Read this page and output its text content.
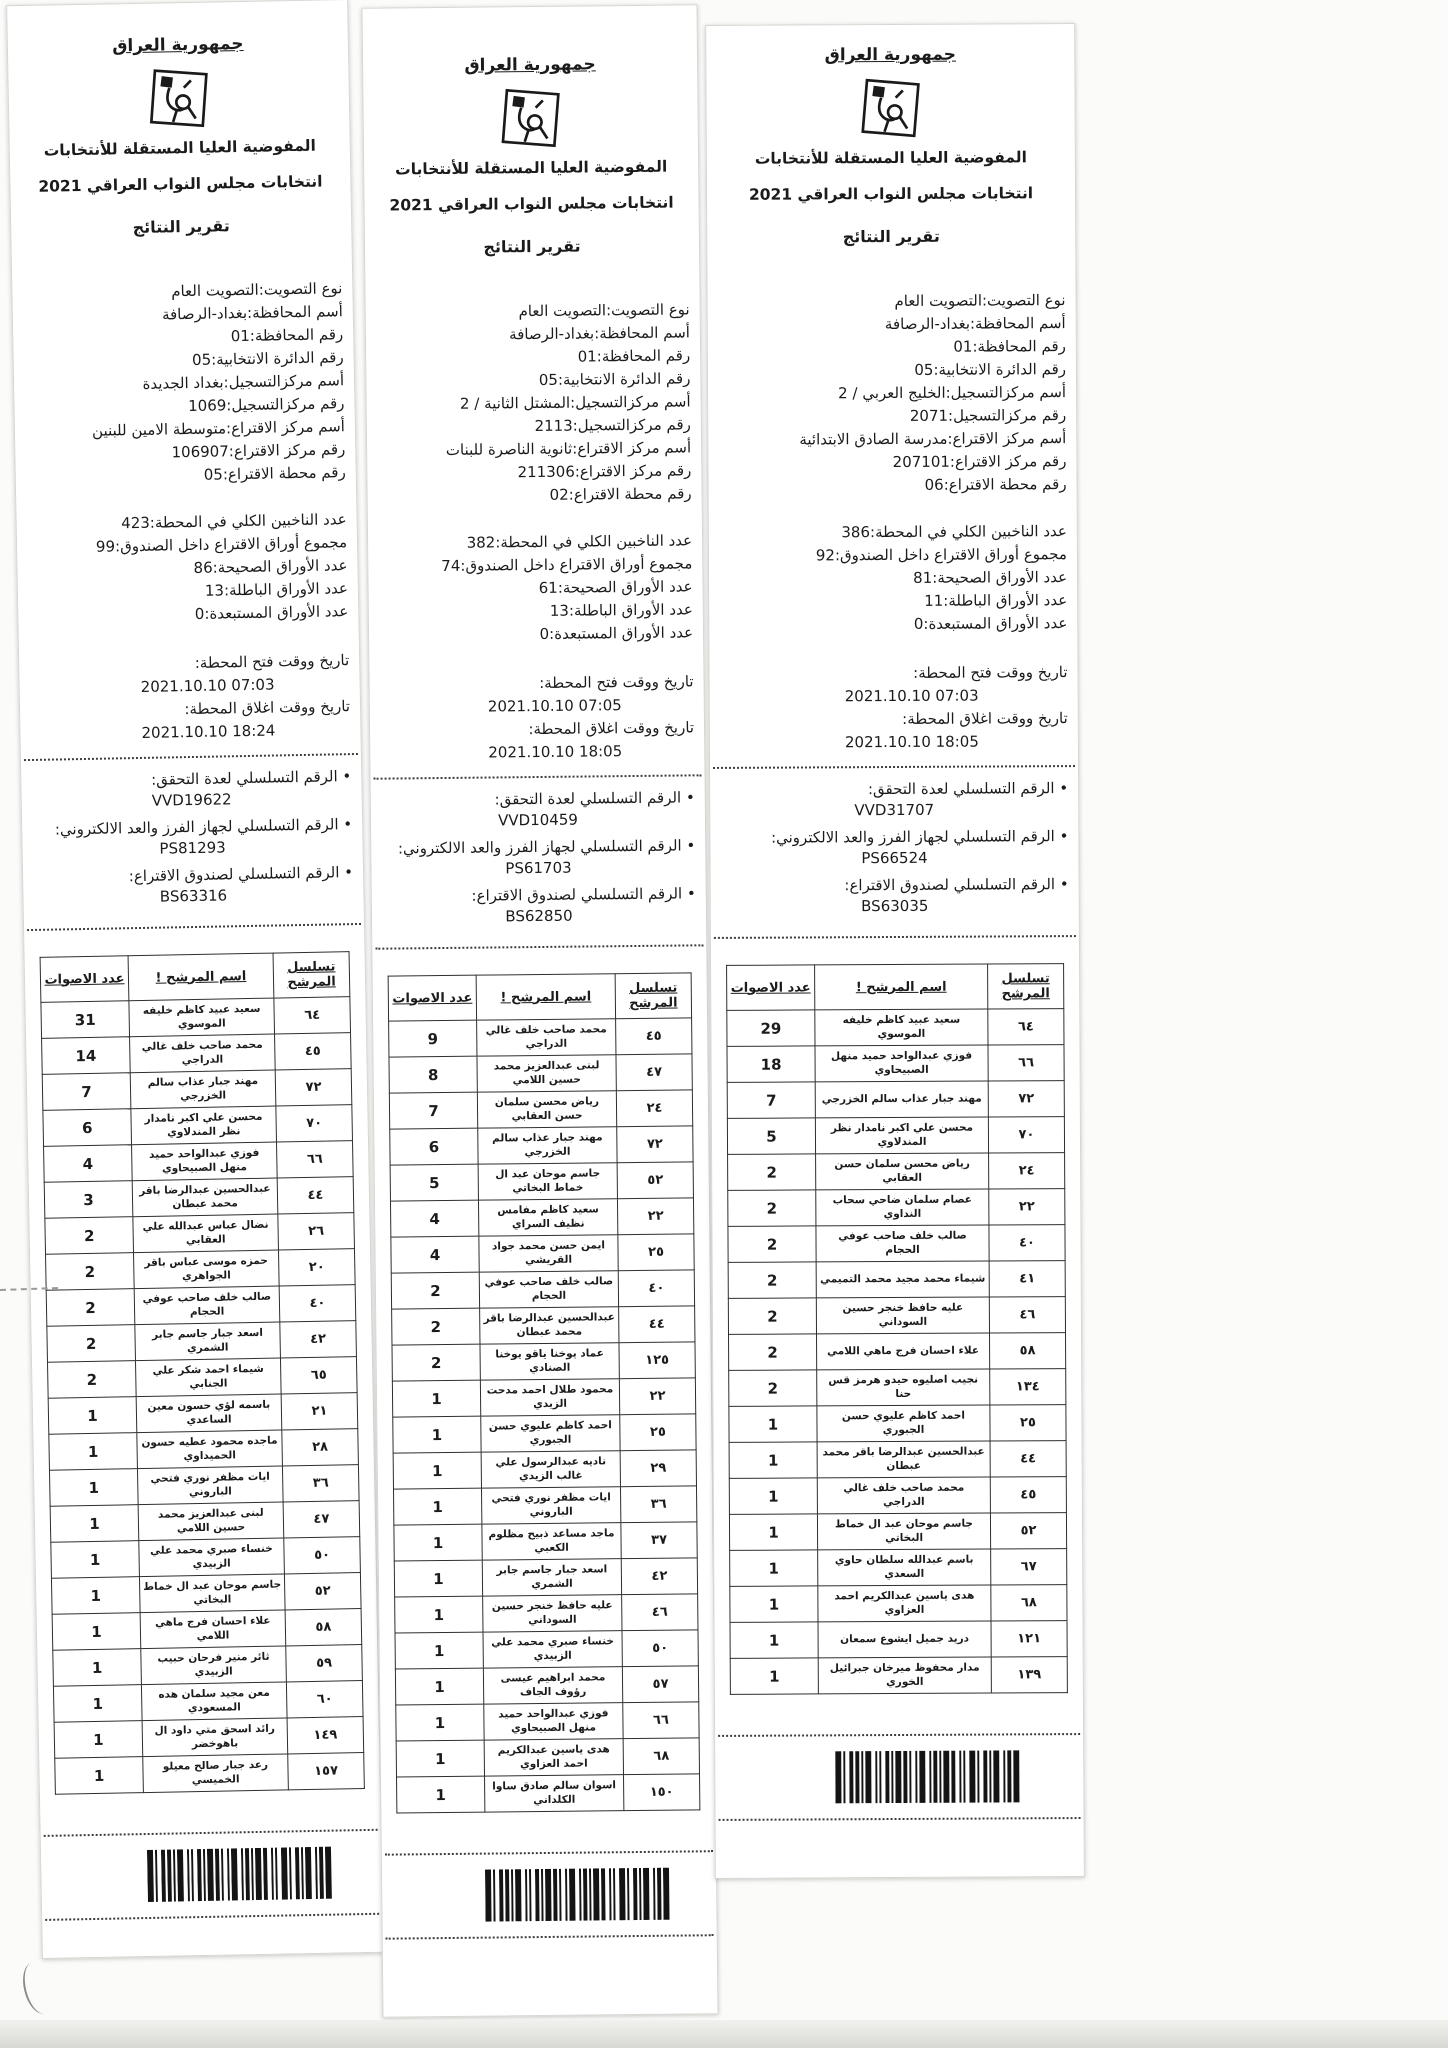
جمهورية العراق
المفوضية العليا المستقلة للأنتخابات
انتخابات مجلس النواب العراقي 2021
تقرير النتائج
نوع التصويت:التصويت العام
أسم المحافظة:بغداد-الرصافة
رقم المحافظة:01
رقم الدائرة الانتخابية:05
أسم مركزالتسجيل:بغداد الجديدة
رقم مركزالتسجيل:1069
أسم مركز الاقتراع:متوسطة الامين للبنين
رقم مركز الاقتراع:106907
رقم محطة الاقتراع:05
عدد الناخبين الكلي في المحطة:423
مجموع أوراق الاقتراع داخل الصندوق:99
عدد الأوراق الصحيحة:86
عدد الأوراق الباطلة:13
عدد الأوراق المستبعدة:0
تاريخ ووقت فتح المحطة:
2021.10.10 07:03
تاريخ ووقت اغلاق المحطة:
2021.10.10 18:24
• الرقم التسلسلي لعدة التحقق:
VVD19622
• الرقم التسلسلي لجهاز الفرز والعد الالكتروني:
PS81293
• الرقم التسلسلي لصندوق الاقتراع:
BS63316
تسلسل المرشح	اسم المرشح !	عدد الاصوات
٦٤	سعيد عبيد كاظم خليفه الموسوي	31
٤٥	محمد صاحب خلف غالي الدراجي	14
٧٢	مهند جبار عذاب سالم الخزرجي	7
٧٠	محسن علي اكبر نامدار نظر المندلاوي	6
٦٦	فوزي عبدالواحد حميد منهل الصبيحاوي	4
٤٤	عبدالحسين عبدالرضا باقر محمد عبطان	3
٢٦	نضال عباس عبدالله علي العقابي	2
٢٠	حمزه موسى عباس باقر الجواهري	2
٤٠	صالب خلف صاحب عوفي الحجام	2
٤٢	اسعد جبار جاسم جابر الشمري	2
٦٥	شيماء احمد شكر علي الجنابي	2
٢١	باسمه لؤي حسون معين الساعدي	1
٢٨	ماجده محمود عطيه حسون الحميداوي	1
٣٦	ايات مظفر نوري فتحي الباروني	1
٤٧	لبنى عبدالعزيز محمد حسين اللامي	1
٥٠	خنساء صبري محمد علي الزبيدي	1
٥٢	جاسم موحان عبد ال خماط البخاتي	1
٥٨	علاء احسان فرج ماهي اللامي	1
٥٩	ثائر منير فرحان حبيب الزبيدي	1
٦٠	معن مجيد سلمان هده المسعودي	1
١٤٩	رائد اسحق متي داود ال باهوخضر	1
١٥٧	رعد جبار صالح معيلو الخميسي	1
جمهورية العراق
المفوضية العليا المستقلة للأنتخابات
انتخابات مجلس النواب العراقي 2021
تقرير النتائج
نوع التصويت:التصويت العام
أسم المحافظة:بغداد-الرصافة
رقم المحافظة:01
رقم الدائرة الانتخابية:05
أسم مركزالتسجيل:المشتل الثانية / 2
رقم مركزالتسجيل:2113
أسم مركز الاقتراع:ثانوية الناصرة للبنات
رقم مركز الاقتراع:211306
رقم محطة الاقتراع:02
عدد الناخبين الكلي في المحطة:382
مجموع أوراق الاقتراع داخل الصندوق:74
عدد الأوراق الصحيحة:61
عدد الأوراق الباطلة:13
عدد الأوراق المستبعدة:0
تاريخ ووقت فتح المحطة:
2021.10.10 07:05
تاريخ ووقت اغلاق المحطة:
2021.10.10 18:05
• الرقم التسلسلي لعدة التحقق:
VVD10459
• الرقم التسلسلي لجهاز الفرز والعد الالكتروني:
PS61703
• الرقم التسلسلي لصندوق الاقتراع:
BS62850
تسلسل المرشح	اسم المرشح !	عدد الاصوات
٤٥	محمد صاحب خلف غالي الدراجي	9
٤٧	لبنى عبدالعزيز محمد حسين اللامي	8
٢٤	رياض محسن سلمان حسن العقابي	7
٧٢	مهند جبار عذاب سالم الخزرجي	6
٥٢	جاسم موحان عبد ال خماط البخاتي	5
٢٢	سعيد كاظم مفامس نظيف السراي	4
٢٥	ايمن حسن محمد جواد القريشي	4
٤٠	صالب خلف صاحب عوفي الحجام	2
٤٤	عبدالحسين عبدالرضا باقر محمد عبطان	2
١٢٥	عماد يوخنا ياقو يوخنا الصنادي	2
٢٢	محمود طلال احمد مدحت الزيدي	1
٢٥	احمد كاظم عليوي حسن الجبوري	1
٢٩	ناديه عبدالرسول علي غالب الزيدي	1
٣٦	ايات مظفر نوري فتحي الباروني	1
٣٧	ماجد مساعد ذبيح مظلوم الكعبي	1
٤٢	اسعد جبار جاسم جابر الشمري	1
٤٦	عليه حافظ خنجر حسين السوداني	1
٥٠	خنساء صبري محمد علي الزبيدي	1
٥٧	محمد ابراهيم عيسى رؤوف الجاف	1
٦٦	فوزي عبدالواحد حميد منهل الصبيحاوي	1
٦٨	هدى ياسين عبدالكريم احمد العزاوي	1
١٥٠	اسوان سالم صادق ساوا الكلداني	1
جمهورية العراق
المفوضية العليا المستقلة للأنتخابات
انتخابات مجلس النواب العراقي 2021
تقرير النتائج
نوع التصويت:التصويت العام
أسم المحافظة:بغداد-الرصافة
رقم المحافظة:01
رقم الدائرة الانتخابية:05
أسم مركزالتسجيل:الخليج العربي / 2
رقم مركزالتسجيل:2071
أسم مركز الاقتراع:مدرسة الصادق الابتدائية
رقم مركز الاقتراع:207101
رقم محطة الاقتراع:06
عدد الناخبين الكلي في المحطة:386
مجموع أوراق الاقتراع داخل الصندوق:92
عدد الأوراق الصحيحة:81
عدد الأوراق الباطلة:11
عدد الأوراق المستبعدة:0
تاريخ ووقت فتح المحطة:
2021.10.10 07:03
تاريخ ووقت اغلاق المحطة:
2021.10.10 18:05
• الرقم التسلسلي لعدة التحقق:
VVD31707
• الرقم التسلسلي لجهاز الفرز والعد الالكتروني:
PS66524
• الرقم التسلسلي لصندوق الاقتراع:
BS63035
تسلسل المرشح	اسم المرشح !	عدد الاصوات
٦٤	سعيد عبيد كاظم خليفه الموسوي	29
٦٦	فوزي عبدالواحد حميد منهل الصبيحاوي	18
٧٢	مهند جبار عذاب سالم الخزرجي	7
٧٠	محسن علي اكبر نامدار نظر المندلاوي	5
٢٤	رياض محسن سلمان حسن العقابي	2
٢٢	عصام سلمان ضاحي سحاب النداوي	2
٤٠	صالب خلف صاحب عوفي الحجام	2
٤١	شيماء محمد مجيد محمد التميمي	2
٤٦	عليه حافظ خنجر حسين السوداني	2
٥٨	علاء احسان فرج ماهي اللامي	2
١٣٤	نجيب اصليوه حيدو هرمز قس حنا	2
٢٥	احمد كاظم عليوي حسن الجبوري	1
٤٤	عبدالحسين عبدالرضا باقر محمد عبطان	1
٤٥	محمد صاحب خلف غالي الدراجي	1
٥٢	جاسم موحان عبد ال خماط البخاتي	1
٦٧	باسم عبدالله سلطان حاوي السعدي	1
٦٨	هدى ياسين عبدالكريم احمد العزاوي	1
١٢١	دريد جميل ايشوع سمعان	1
١٣٩	مدار محفوظ ميرخان جبرائيل الخوري	1
